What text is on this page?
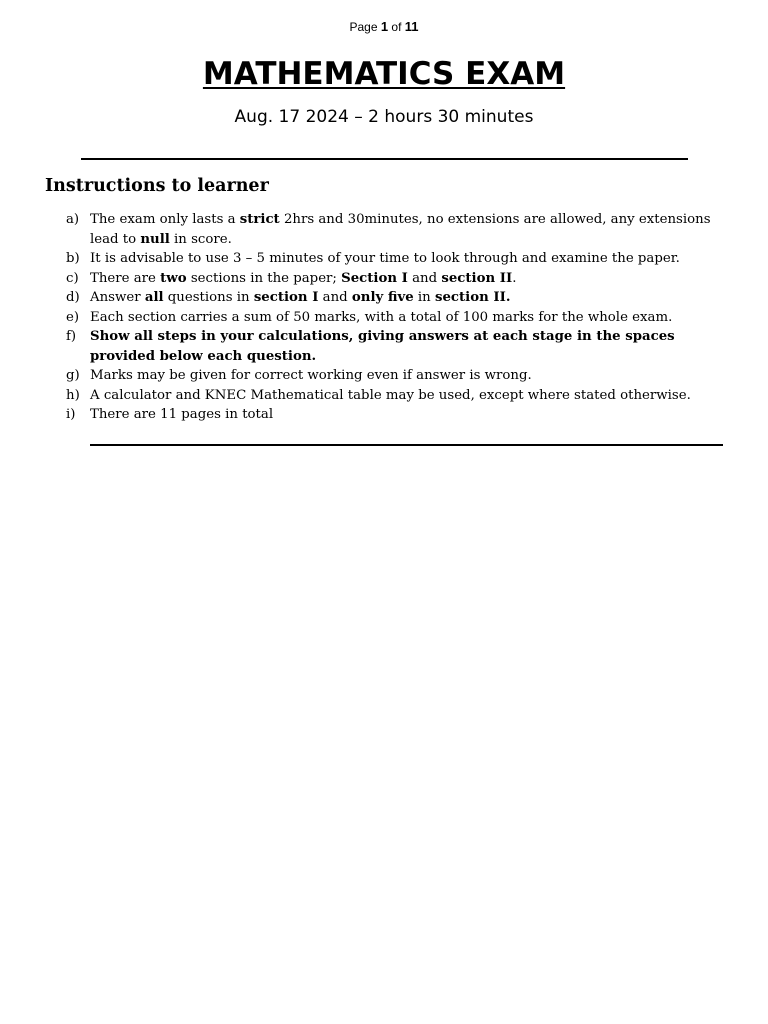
Page 1 of 11
MATHEMATICS EXAM
Aug. 17 2024 – 2 hours 30 minutes
Instructions to learner
a) The exam only lasts a strict 2hrs and 30minutes, no extensions are allowed, any extensions lead to null in score.
b) It is advisable to use 3 – 5 minutes of your time to look through and examine the paper.
c) There are two sections in the paper; Section I and section II.
d) Answer all questions in section I and only five in section II.
e) Each section carries a sum of 50 marks, with a total of 100 marks for the whole exam.
f)	Show all steps in your calculations, giving answers at each stage in the spaces provided below each question.
g) Marks may be given for correct working even if answer is wrong.
h) A calculator and KNEC Mathematical table may be used, except where stated otherwise.
i)	There are 11 pages in total
